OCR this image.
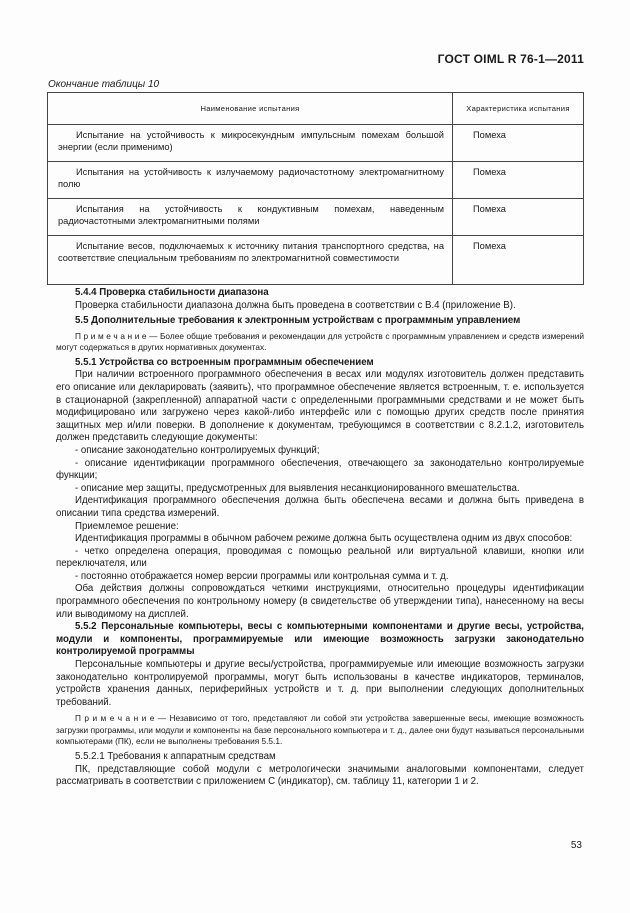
ГОСТ OIML R 76-1—2011
Окончание таблицы 10
Наименование испытания	Характеристика испытания
Испытание на устойчивость к микросекундным импульсным помехам большой энергии (если применимо)	Помеха
Испытания на устойчивость к излучаемому радиочастотному электромагнитному полю	Помеха
Испытания на устойчивость к кондуктивным помехам, наведенным радиочастотными электромагнитными полями	Помеха
Испытание весов, подключаемых к источнику питания транспортного средства, на соответствие специальным требованиям по электромагнитной совместимости	Помеха

5.4.4 Проверка стабильности диапазона

Проверка стабильности диапазона должна быть проведена в соответствии с В.4 (приложение В).

5.5 Дополнительные требования к электронным устройствам с программным управлением

П р и м е ч а н и е — Более общие требования и рекомендации для устройств с программным управлением и средств измерений могут содержаться в других нормативных документах.

5.5.1 Устройства со встроенным программным обеспечением

При наличии встроенного программного обеспечения в весах или модулях изготовитель должен представить его описание или декларировать (заявить), что программное обеспечение является встроенным, т. е. используется в стационарной (закрепленной) аппаратной части с определенными программными средствами и не может быть модифицировано или загружено через какой-либо интерфейс или с помощью других средств после принятия защитных мер и/или поверки. В дополнение к документам, требующимся в соответствии с 8.2.1.2, изготовитель должен представить следующие документы:

- описание законодательно контролируемых функций;

- описание идентификации программного обеспечения, отвечающего за законодательно контролируемые функции;

- описание мер защиты, предусмотренных для выявления несанкционированного вмешательства.

Идентификация программного обеспечения должна быть обеспечена весами и должна быть приведена в описании типа средства измерений.

Приемлемое решение:

Идентификация программы в обычном рабочем режиме должна быть осуществлена одним из двух способов:

- четко определена операция, проводимая с помощью реальной или виртуальной клавиши, кнопки или переключателя, или

- постоянно отображается номер версии программы или контрольная сумма и т. д.

Оба действия должны сопровождаться четкими инструкциями, относительно процедуры идентификации программного обеспечения по контрольному номеру (в свидетельстве об утверждении типа), нанесенному на весы или выводимому на дисплей.

5.5.2 Персональные компьютеры, весы с компьютерными компонентами и другие весы, устройства, модули и компоненты, программируемые или имеющие возможность загрузки законодательно контролируемой программы

Персональные компьютеры и другие весы/устройства, программируемые или имеющие возможность загрузки законодательно контролируемой программы, могут быть использованы в качестве индикаторов, терминалов, устройств хранения данных, периферийных устройств и т. д. при выполнении следующих дополнительных требований.

П р и м е ч а н и е — Независимо от того, представляют ли собой эти устройства завершенные весы, имеющие возможность загрузки программы, или модули и компоненты на базе персонального компьютера и т. д., далее они будут называться персональными компьютерами (ПК), если не выполнены требования 5.5.1.

5.5.2.1 Требования к аппаратным средствам

ПК, представляющие собой модули с метрологически значимыми аналоговыми компонентами, следует рассматривать в соответствии с приложением С (индикатор), см. таблицу 11, категории 1 и 2.

53
